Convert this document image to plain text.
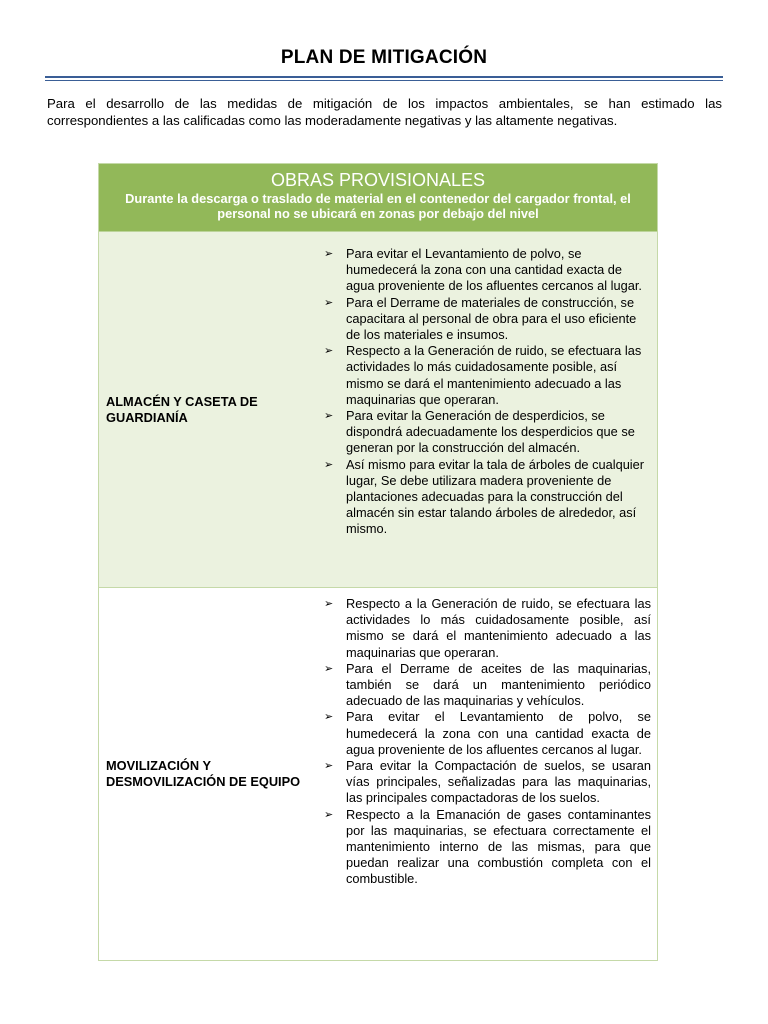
PLAN DE MITIGACIÓN
Para el desarrollo de las medidas de mitigación de los impactos ambientales, se han estimado las correspondientes a las calificadas como las moderadamente negativas y las altamente negativas.
OBRAS PROVISIONALES
Durante la descarga o traslado de material en el contenedor del cargador frontal, el personal no se ubicará en zonas por debajo del nivel
ALMACÉN Y CASETA DE GUARDIANÍA
➢ Para evitar el Levantamiento de polvo, se humedecerá la zona con una cantidad exacta de agua proveniente de los afluentes cercanos al lugar.
➢ Para el Derrame de materiales de construcción, se capacitara al personal de obra para el uso eficiente de los materiales e insumos.
➢ Respecto a la Generación de ruido, se efectuara las actividades lo más cuidadosamente posible, así mismo se dará el mantenimiento adecuado a las maquinarias que operaran.
➢ Para evitar la Generación de desperdicios, se dispondrá adecuadamente los desperdicios que se generan por la construcción del almacén.
➢ Así mismo para evitar la tala de árboles de cualquier lugar, Se debe utilizara madera proveniente de plantaciones adecuadas para la construcción del almacén sin estar talando árboles de alrededor, así mismo.
MOVILIZACIÓN Y DESMOVILIZACIÓN DE EQUIPO
➢ Respecto a la Generación de ruido, se efectuara las actividades lo más cuidadosamente posible, así mismo se dará el mantenimiento adecuado a las maquinarias que operaran.
➢ Para el Derrame de aceites de las maquinarias, también se dará un mantenimiento periódico adecuado de las maquinarias y vehículos.
➢ Para evitar el Levantamiento de polvo, se humedecerá la zona con una cantidad exacta de agua proveniente de los afluentes cercanos al lugar.
➢ Para evitar la Compactación de suelos, se usaran vías principales, señalizadas para las maquinarias, las principales compactadoras de los suelos.
➢ Respecto a la Emanación de gases contaminantes por las maquinarias, se efectuara correctamente el mantenimiento interno de las mismas, para que puedan realizar una combustión completa con el combustible.
